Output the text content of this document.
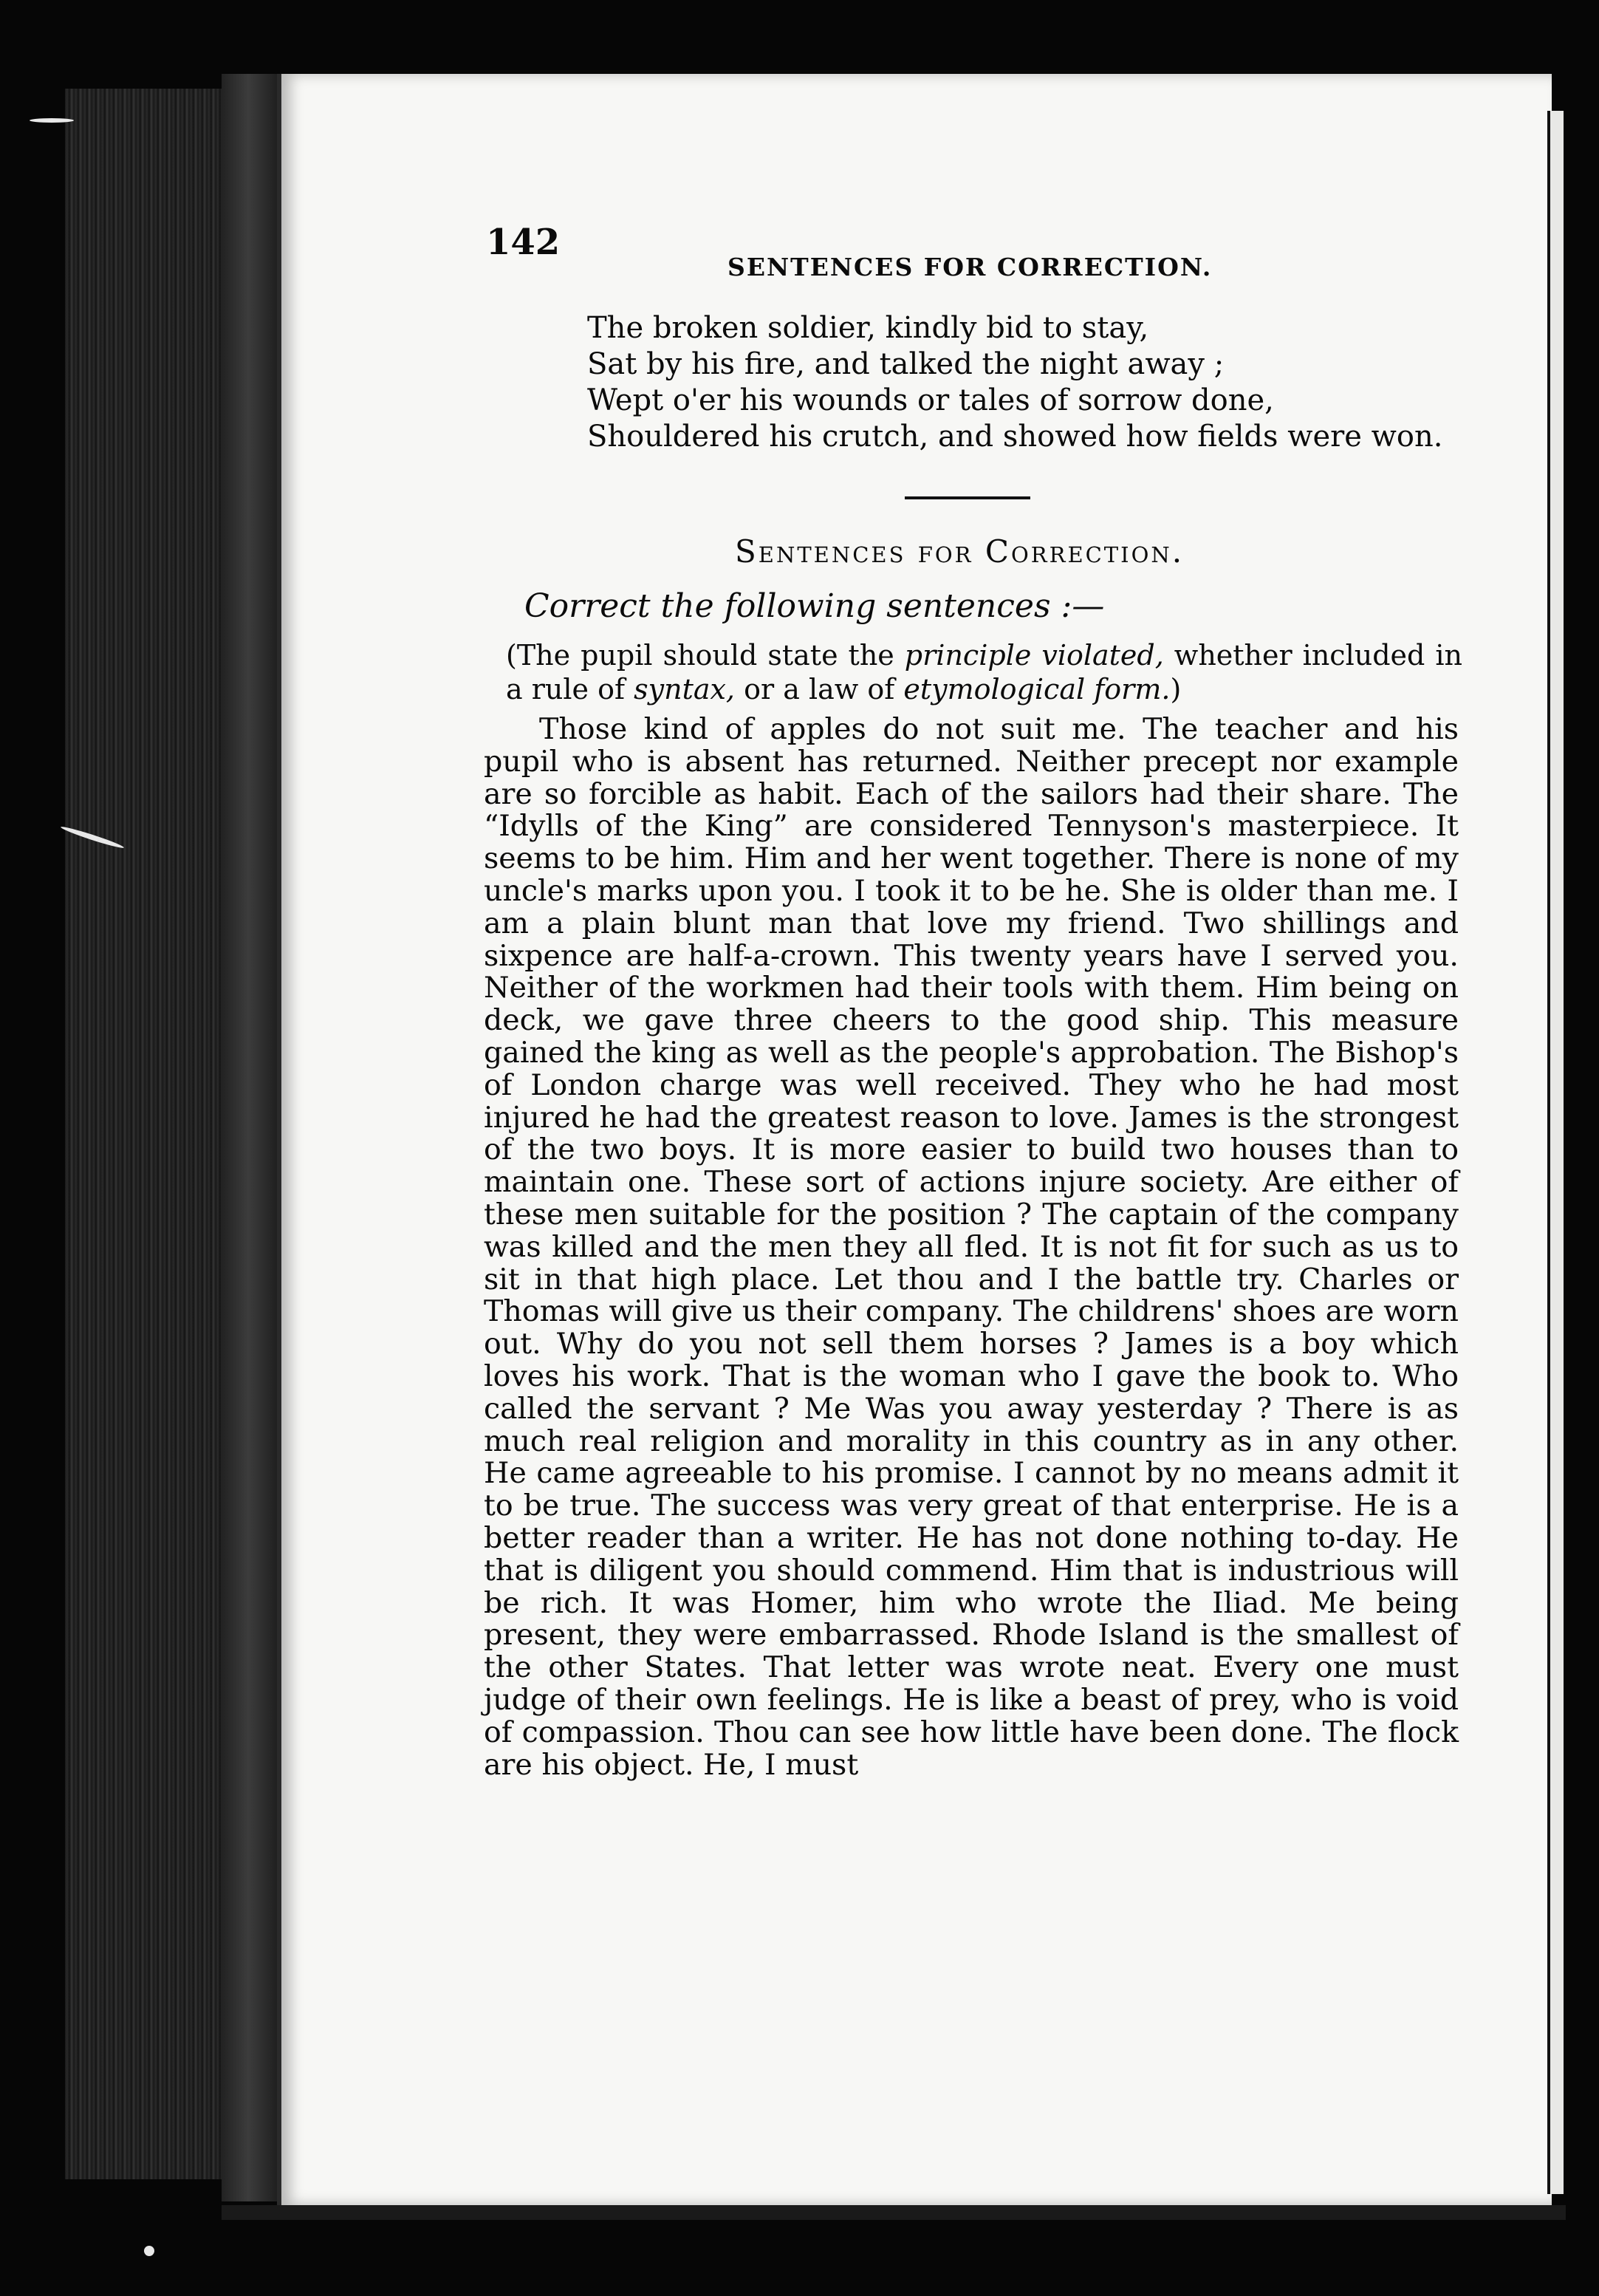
142
SENTENCES FOR CORRECTION.
The broken soldier, kindly bid to stay,
Sat by his fire, and talked the night away ;
Wept o'er his wounds or tales of sorrow done,
Shouldered his crutch, and showed how fields were won.
Sentences for Correction.
Correct the following sentences :—
(The pupil should state the principle violated, whether included in a rule of syntax, or a law of etymological form.)
Those kind of apples do not suit me. The teacher and his pupil who is absent has returned. Neither precept nor example are so forcible as habit. Each of the sailors had their share. The “Idylls of the King” are considered Tennyson's masterpiece. It seems to be him. Him and her went together. There is none of my uncle's marks upon you. I took it to be he. She is older than me. I am a plain blunt man that love my friend. Two shillings and sixpence are half-a-crown. This twenty years have I served you. Neither of the workmen had their tools with them. Him being on deck, we gave three cheers to the good ship. This measure gained the king as well as the people's approbation. The Bishop's of London charge was well received. They who he had most injured he had the greatest reason to love. James is the strongest of the two boys. It is more easier to build two houses than to maintain one. These sort of actions injure society. Are either of these men suitable for the position ? The captain of the company was killed and the men they all fled. It is not fit for such as us to sit in that high place. Let thou and I the battle try. Charles or Thomas will give us their company. The childrens' shoes are worn out. Why do you not sell them horses ? James is a boy which loves his work. That is the woman who I gave the book to. Who called the servant ? Me Was you away yesterday ? There is as much real religion and morality in this country as in any other. He came agreeable to his promise. I cannot by no means admit it to be true. The success was very great of that enterprise. He is a better reader than a writer. He has not done nothing to-day. He that is diligent you should commend. Him that is industrious will be rich. It was Homer, him who wrote the Iliad. Me being present, they were embarrassed. Rhode Island is the smallest of the other States. That letter was wrote neat. Every one must judge of their own feelings. He is like a beast of prey, who is void of compassion. Thou can see how little have been done. The flock are his object. He, I must
